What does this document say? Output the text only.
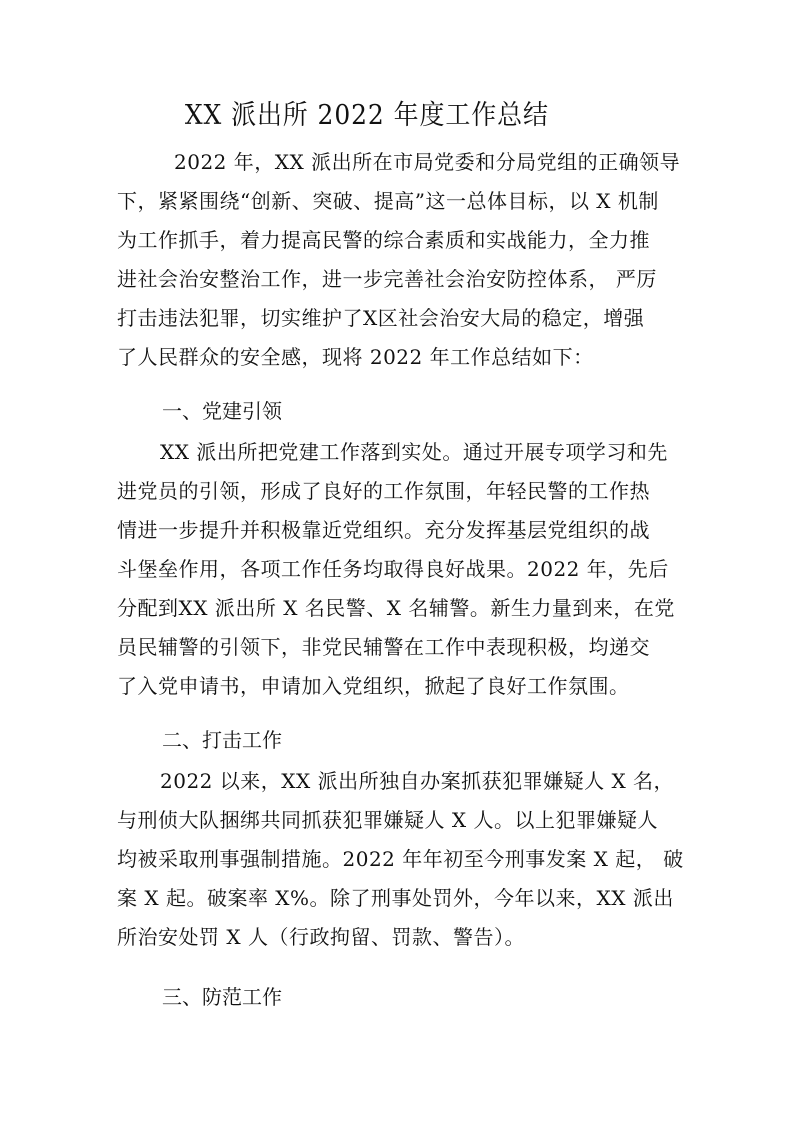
XX 派出所 2022 年度工作总结
2022 年，XX 派出所在市局党委和分局党组的正确领导
下，紧紧围绕“创新、突破、提高”这一总体目标，以 X 机制
为工作抓手，着力提高民警的综合素质和实战能力，全力推
进社会治安整治工作，进一步完善社会治安防控体系， 严厉
打击违法犯罪，切实维护了X区社会治安大局的稳定，增强
了人民群众的安全感，现将 2022 年工作总结如下：
一、党建引领
XX 派出所把党建工作落到实处。通过开展专项学习和先
进党员的引领，形成了良好的工作氛围，年轻民警的工作热
情进一步提升并积极靠近党组织。充分发挥基层党组织的战
斗堡垒作用，各项工作任务均取得良好战果。2022 年，先后
分配到XX 派出所 X 名民警、X 名辅警。新生力量到来，在党
员民辅警的引领下，非党民辅警在工作中表现积极，均递交
了入党申请书，申请加入党组织，掀起了良好工作氛围。
二、打击工作
2022 以来，XX 派出所独自办案抓获犯罪嫌疑人 X 名，
与刑侦大队捆绑共同抓获犯罪嫌疑人 X 人。以上犯罪嫌疑人
均被采取刑事强制措施。2022 年年初至今刑事发案 X 起， 破
案 X 起。破案率 X%。除了刑事处罚外，今年以来，XX 派出
所治安处罚 X 人（行政拘留、罚款、警告）。
三、防范工作
